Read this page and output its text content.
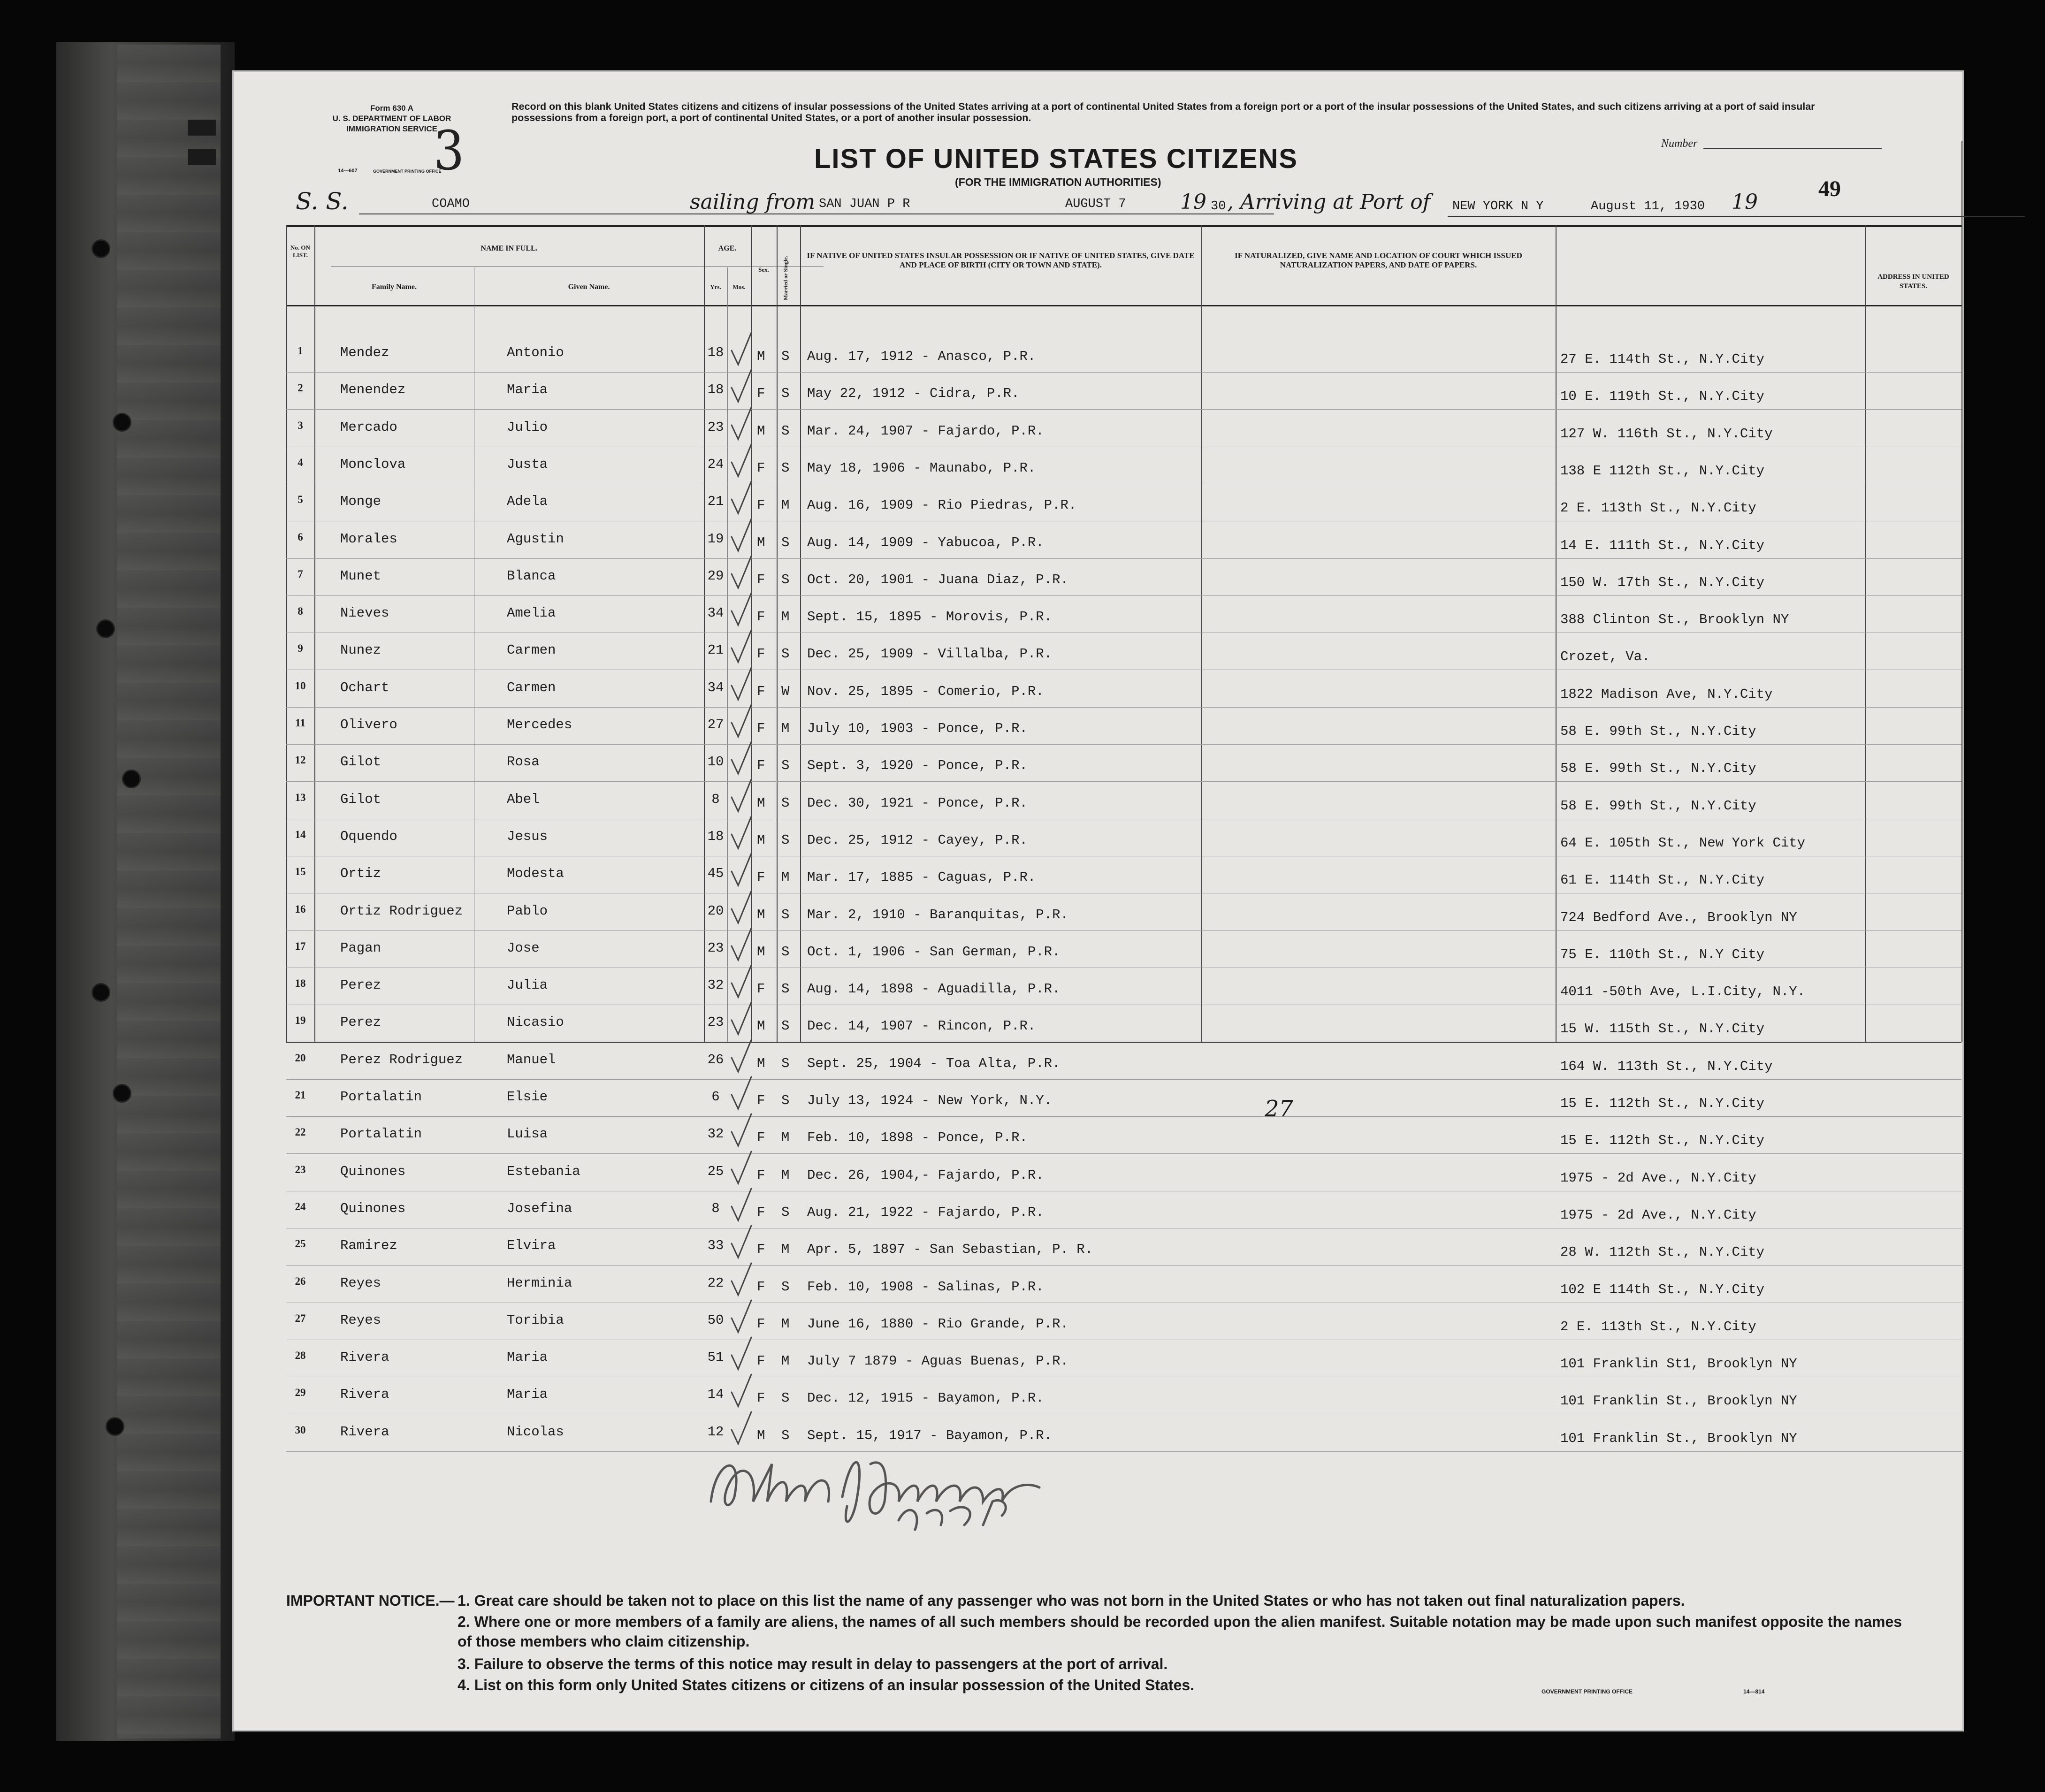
Form 630 A
U. S. DEPARTMENT OF LABOR
IMMIGRATION SERVICE
14—607	GOVERNMENT PRINTING OFFICE
3
Record on this blank United States citizens and citizens of insular possessions of the United States arriving at a port of continental United States from a foreign port or a port of the insular possessions of the United States, and such citizens arriving at a port of said insular possessions from a foreign port, a port of continental United States, or a port of another insular possession.
Number
49
LIST OF UNITED STATES CITIZENS
(FOR THE IMMIGRATION AUTHORITIES)
S. S.	COAMO	sailing from SAN JUAN P R	AUGUST 7	19 30 , Arriving at Port of NEW YORK N Y	August 11, 1930 19
No. ON LIST.
NAME IN FULL.
Family Name.	Given Name.
AGE.
Yrs.	Mos.
Sex.	Married or Single.
IF NATIVE OF UNITED STATES INSULAR POSSESSION OR IF NATIVE OF UNITED STATES, GIVE DATE AND PLACE OF BIRTH (CITY OR TOWN AND STATE).
IF NATURALIZED, GIVE NAME AND LOCATION OF COURT WHICH ISSUED NATURALIZATION PAPERS, AND DATE OF PAPERS.
ADDRESS IN UNITED STATES.
1	Mendez	Antonio	18 M S Aug. 17, 1912 - Anasco, P.R.	27 E. 114th St., N.Y.City
2	Menendez	Maria	18 F S May 22, 1912 - Cidra, P.R.	10 E. 119th St., N.Y.City
3	Mercado	Julio	23 M S Mar. 24, 1907 - Fajardo, P.R.	127 W. 116th St., N.Y.City
4	Monclova	Justa	24 F S May 18, 1906 - Maunabo, P.R.	138 E 112th St., N.Y.City
5	Monge	Adela	21 F M Aug. 16, 1909 - Rio Piedras, P.R.	2 E. 113th St., N.Y.City
6	Morales	Agustin	19 M S Aug. 14, 1909 - Yabucoa, P.R.	14 E. 111th St., N.Y.City
7	Munet	Blanca	29 F S Oct. 20, 1901 - Juana Diaz, P.R.	150 W. 17th St., N.Y.City
8	Nieves	Amelia	34 F M Sept. 15, 1895 - Morovis, P.R.	388 Clinton St., Brooklyn NY
9	Nunez	Carmen	21 F S Dec. 25, 1909 - Villalba, P.R.	Crozet, Va.
10	Ochart	Carmen	34 F W Nov. 25, 1895 - Comerio, P.R.	1822 Madison Ave, N.Y.City
11	Olivero	Mercedes	27 F M July 10, 1903 - Ponce, P.R.	58 E. 99th St., N.Y.City
12	Gilot	Rosa	10 F S Sept. 3, 1920 - Ponce, P.R.	58 E. 99th St., N.Y.City
13	Gilot	Abel	8	M S Dec. 30, 1921 - Ponce, P.R.	58 E. 99th St., N.Y.City
14	Oquendo	Jesus	18 M S Dec. 25, 1912 - Cayey, P.R.	64 E. 105th St., New York City
15	Ortiz	Modesta	45 F M Mar. 17, 1885 - Caguas, P.R.	61 E. 114th St., N.Y.City
16	Ortiz Rodriguez	Pablo	20 M S Mar. 2, 1910 - Baranquitas, P.R.	724 Bedford Ave., Brooklyn NY
17	Pagan	Jose	23 M S Oct. 1, 1906 - San German, P.R.	75 E. 110th St., N.Y City
18	Perez	Julia	32 F S Aug. 14, 1898 - Aguadilla, P.R.	4011 -50th Ave, L.I.City, N.Y.
19	Perez	Nicasio	23 M S Dec. 14, 1907 - Rincon, P.R.	15 W. 115th St., N.Y.City
20	Perez Rodriguez	Manuel	26 M S Sept. 25, 1904 - Toa Alta, P.R.	164 W. 113th St., N.Y.City
21	Portalatin	Elsie	6	F S July 13, 1924 - New York, N.Y.	15 E. 112th St., N.Y.City
22	Portalatin	Luisa	32 F M Feb. 10, 1898 - Ponce, P.R.	15 E. 112th St., N.Y.City
23	Quinones	Estebania	25 F M Dec. 26, 1904,- Fajardo, P.R.	1975 - 2d Ave., N.Y.City
24	Quinones	Josefina	8	F S Aug. 21, 1922 - Fajardo, P.R.	1975 - 2d Ave., N.Y.City
25	Ramirez	Elvira	33 F M Apr. 5, 1897 - San Sebastian, P. R.	28 W. 112th St., N.Y.City
26	Reyes	Herminia	22 F S Feb. 10, 1908 - Salinas, P.R.	102 E 114th St., N.Y.City
27	Reyes	Toribia	50 F M June 16, 1880 - Rio Grande, P.R.	2 E. 113th St., N.Y.City
28	Rivera	Maria	51 F M July 7 1879 - Aguas Buenas, P.R.	101 Franklin St1, Brooklyn NY
29	Rivera	Maria	14 F S Dec. 12, 1915 - Bayamon, P.R.	101 Franklin St., Brooklyn NY
30	Rivera	Nicolas	12 M S Sept. 15, 1917 - Bayamon, P.R.	101 Franklin St., Brooklyn NY
27
IMPORTANT NOTICE.— 1. Great care should be taken not to place on this list the name of any passenger who was not born in the United States or who has not taken out final naturalization papers.
2. Where one or more members of a family are aliens, the names of all such members should be recorded upon the alien manifest. Suitable notation may be made upon such manifest opposite the names of those members who claim citizenship.
3. Failure to observe the terms of this notice may result in delay to passengers at the port of arrival.
4. List on this form only United States citizens or citizens of an insular possession of the United States.	GOVERNMENT PRINTING OFFICE	14—814
